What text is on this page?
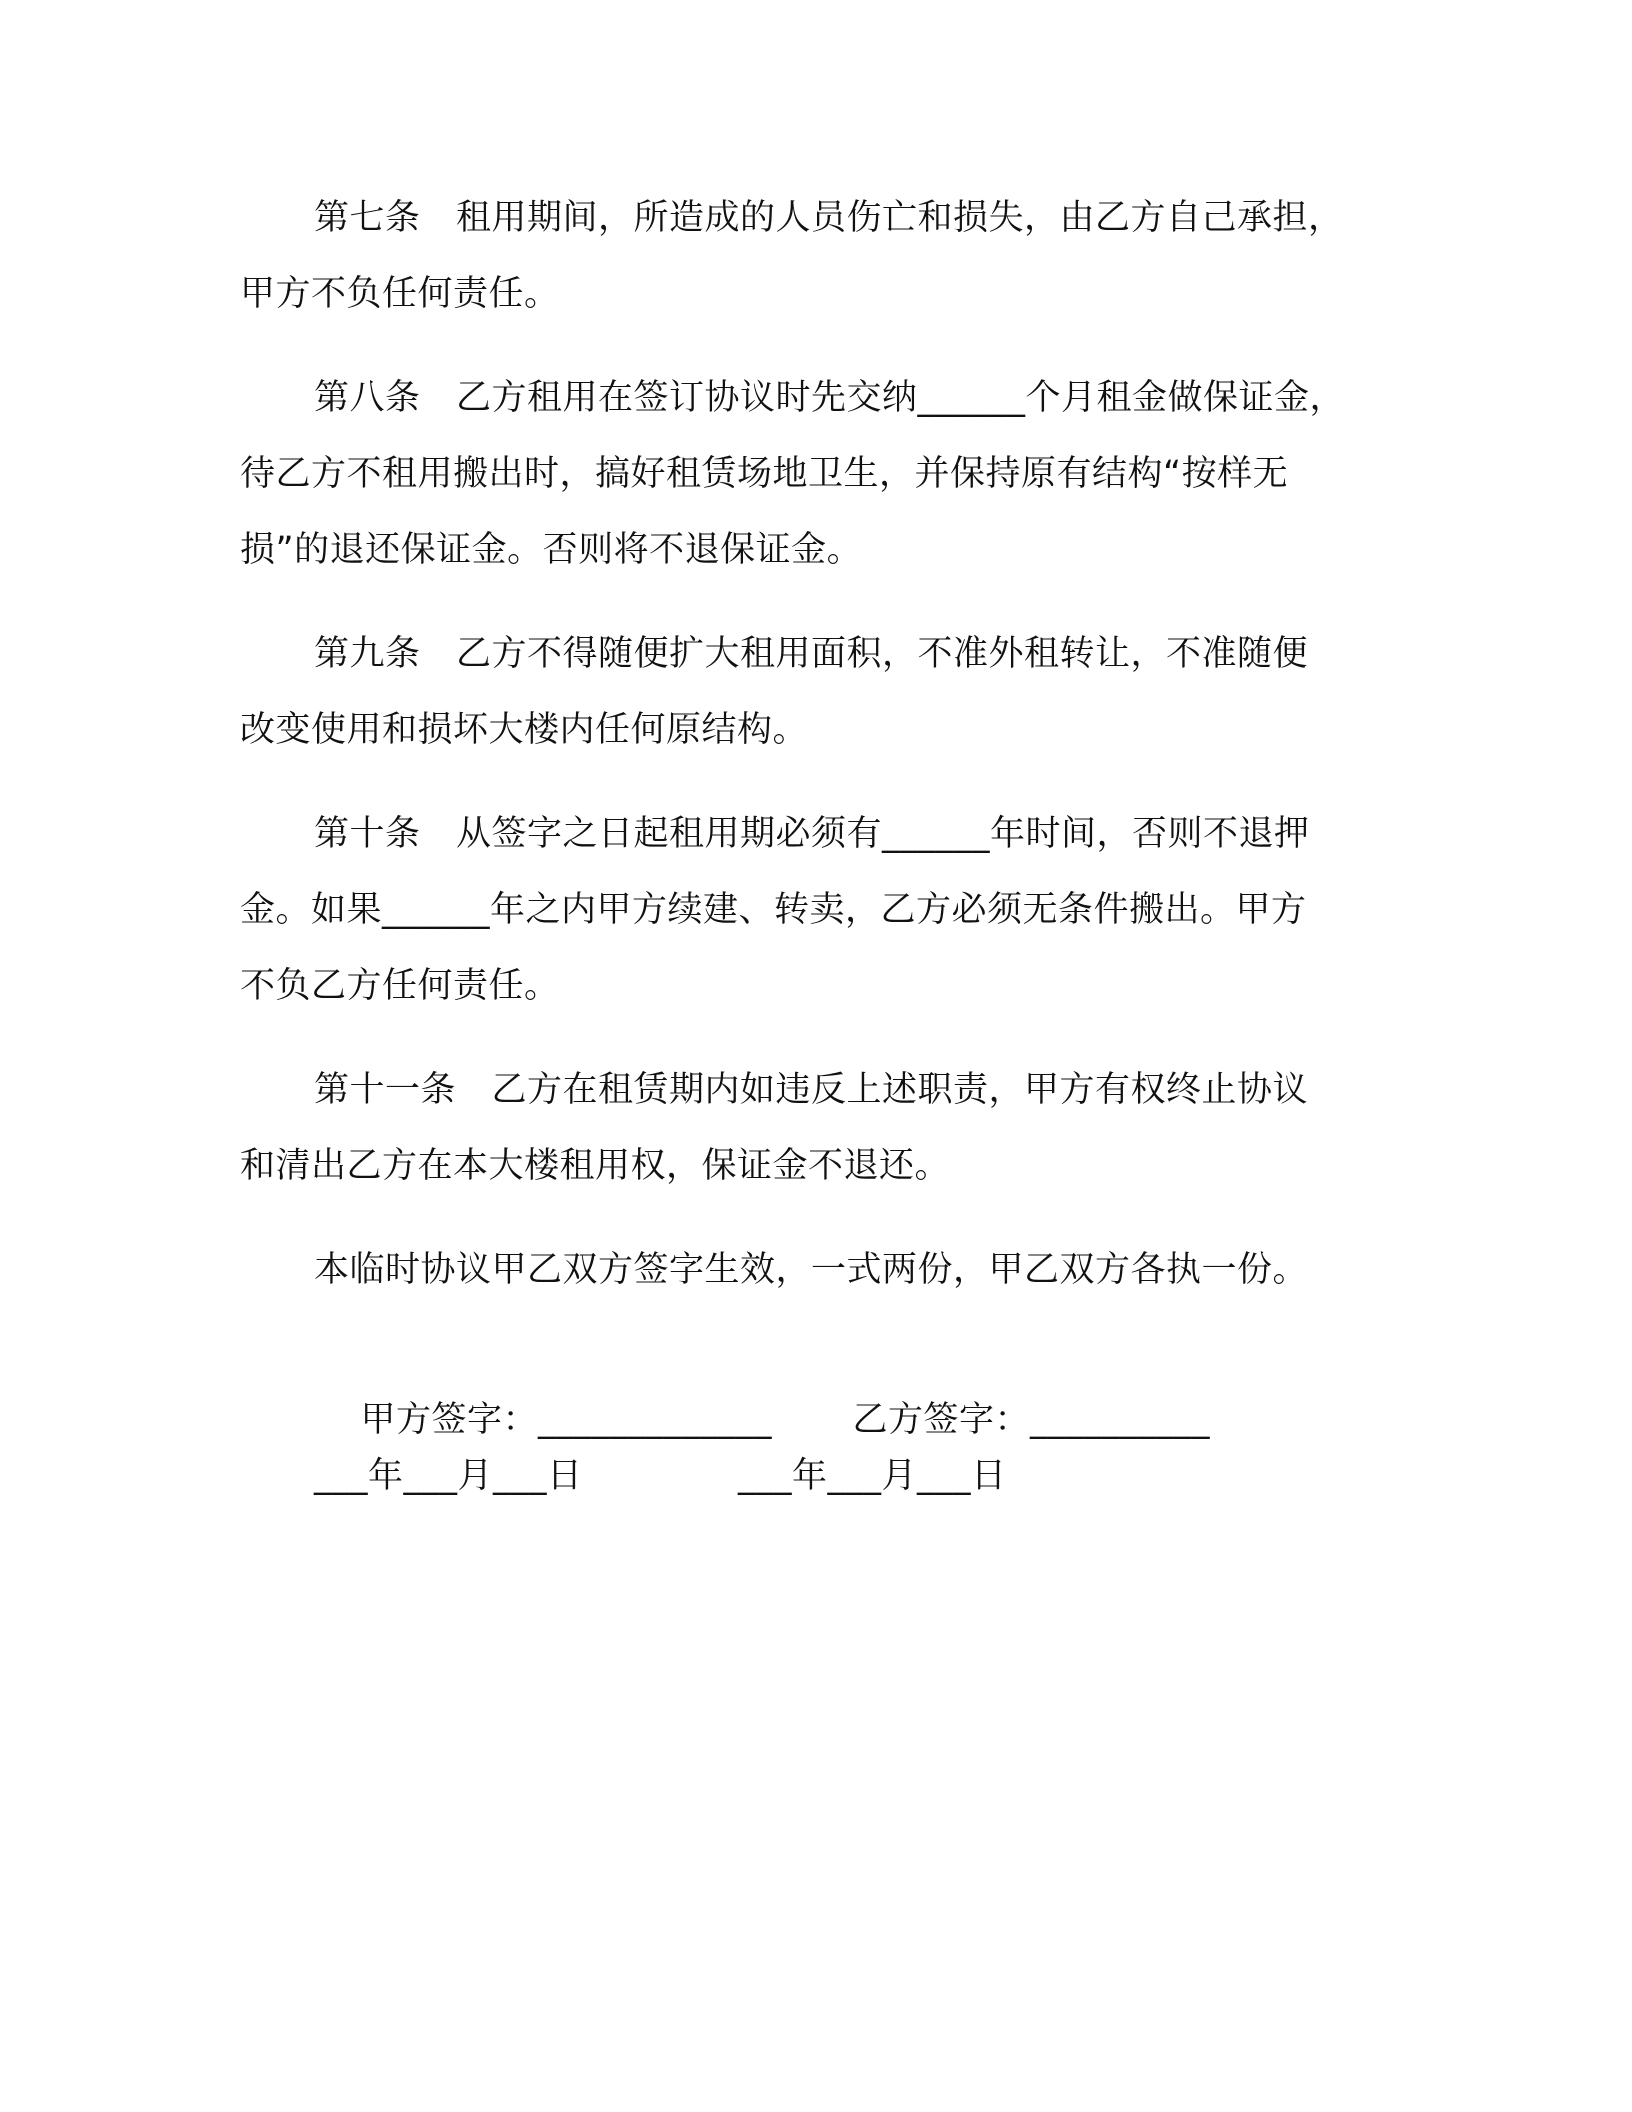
第七条　租用期间，所造成的人员伤亡和损失，由乙方自己承担，
甲方不负任何责任。
第八条　乙方租用在签订协议时先交纳______个月租金做保证金，
待乙方不租用搬出时，搞好租赁场地卫生，并保持原有结构“按样无
损”的退还保证金。否则将不退保证金。
第九条　乙方不得随便扩大租用面积，不准外租转让，不准随便
改变使用和损坏大楼内任何原结构。
第十条　从签字之日起租用期必须有______年时间，否则不退押
金。如果______年之内甲方续建、转卖，乙方必须无条件搬出。甲方
不负乙方任何责任。
第十一条　乙方在租赁期内如违反上述职责，甲方有权终止协议
和清出乙方在本大楼租用权，保证金不退还。
本临时协议甲乙双方签字生效，一式两份，甲乙双方各执一份。

甲方签字：_____________
	乙方签字：__________

___年___月___日	___年___月___日
